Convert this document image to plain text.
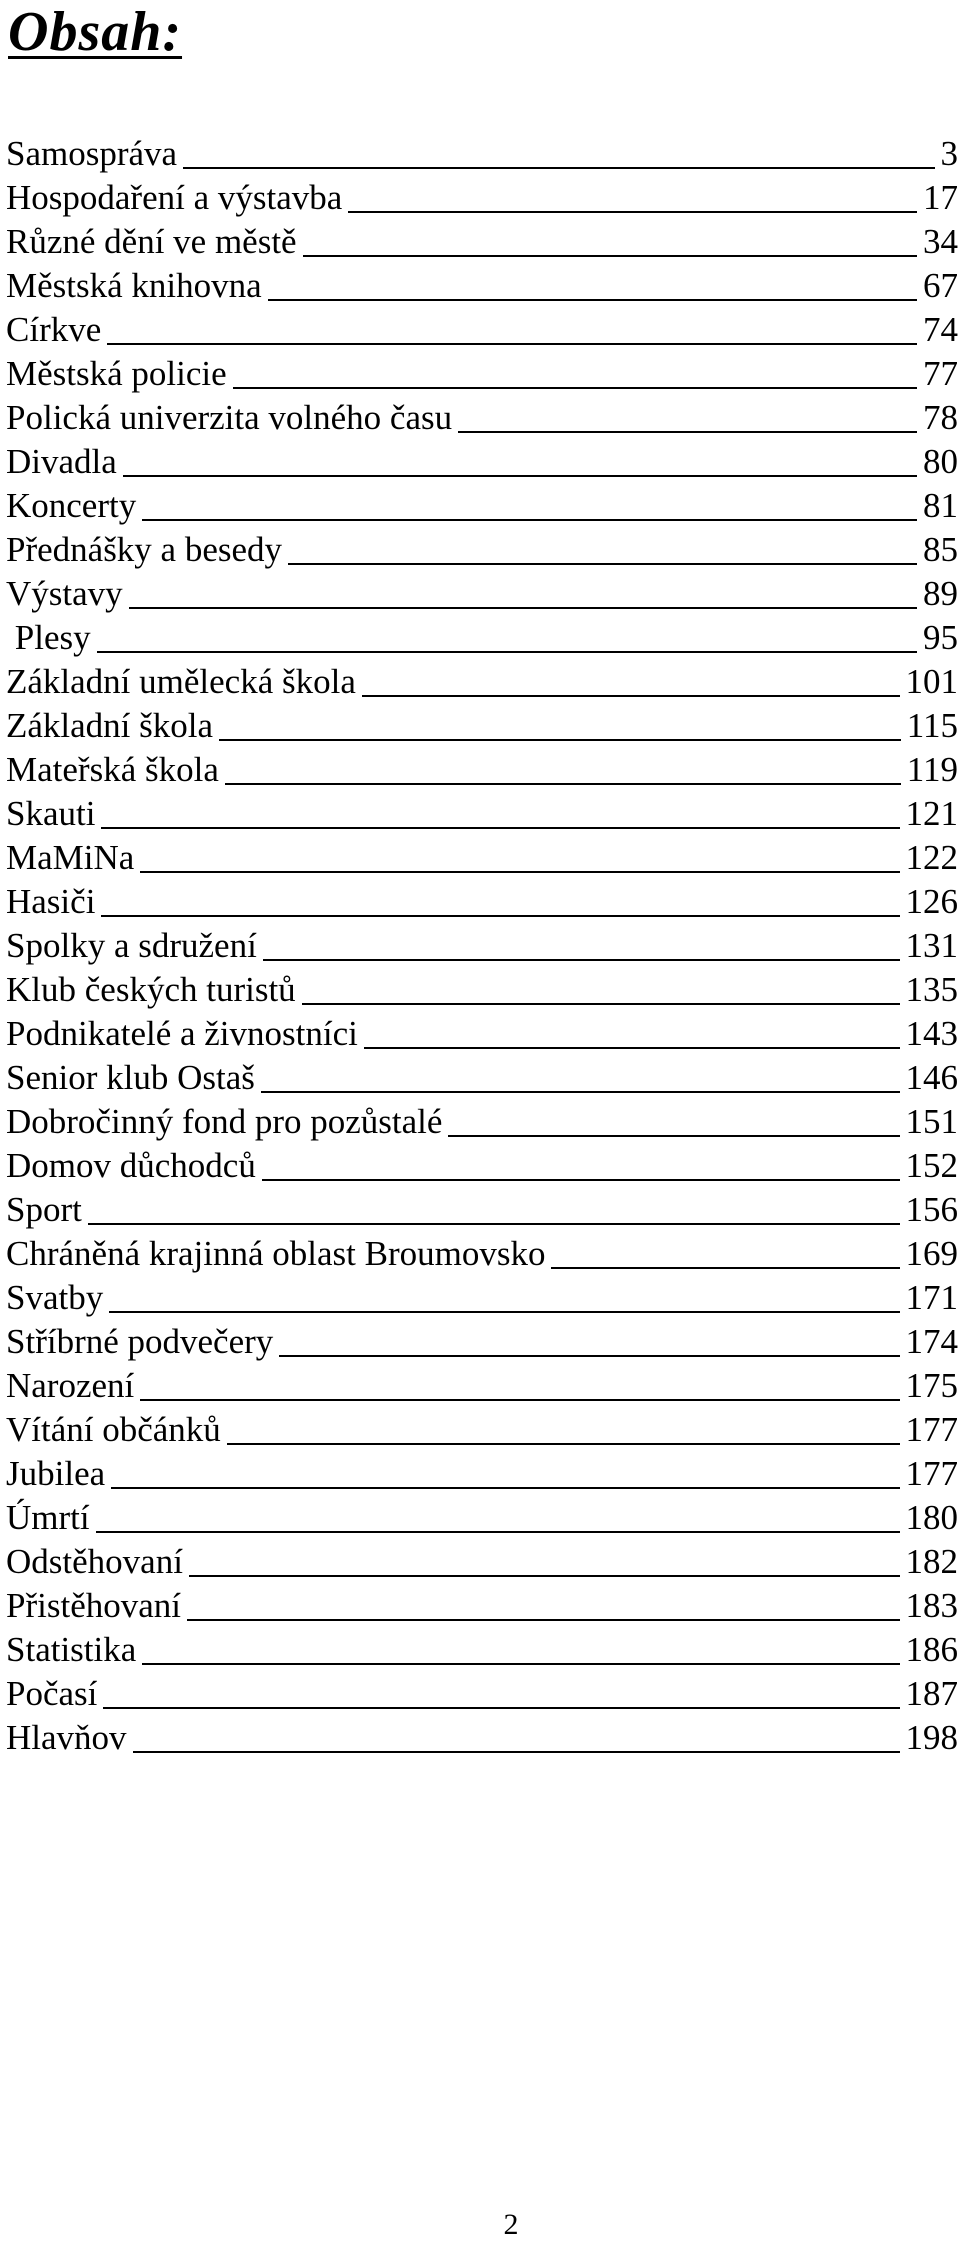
Obsah:
Samospráva	3
Hospodaření a výstavba	17
Různé dění ve městě	34
Městská knihovna	67
Církve	74
Městská policie	77
Polická univerzita volného času	78
Divadla	80
Koncerty	81
Přednášky a besedy	85
Výstavy	89
Plesy	95
Základní umělecká škola	101
Základní škola	115
Mateřská škola	119
Skauti	121
MaMiNa	122
Hasiči	126
Spolky a sdružení	131
Klub českých turistů	135
Podnikatelé a živnostníci	143
Senior klub Ostaš	146
Dobročinný fond pro pozůstalé	151
Domov důchodců	152
Sport	156
Chráněná krajinná oblast Broumovsko	169
Svatby	171
Stříbrné podvečery	174
Narození	175
Vítání občánků	177
Jubilea	177
Úmrtí	180
Odstěhovaní	182
Přistěhovaní	183
Statistika	186
Počasí	187
Hlavňov	198
2
